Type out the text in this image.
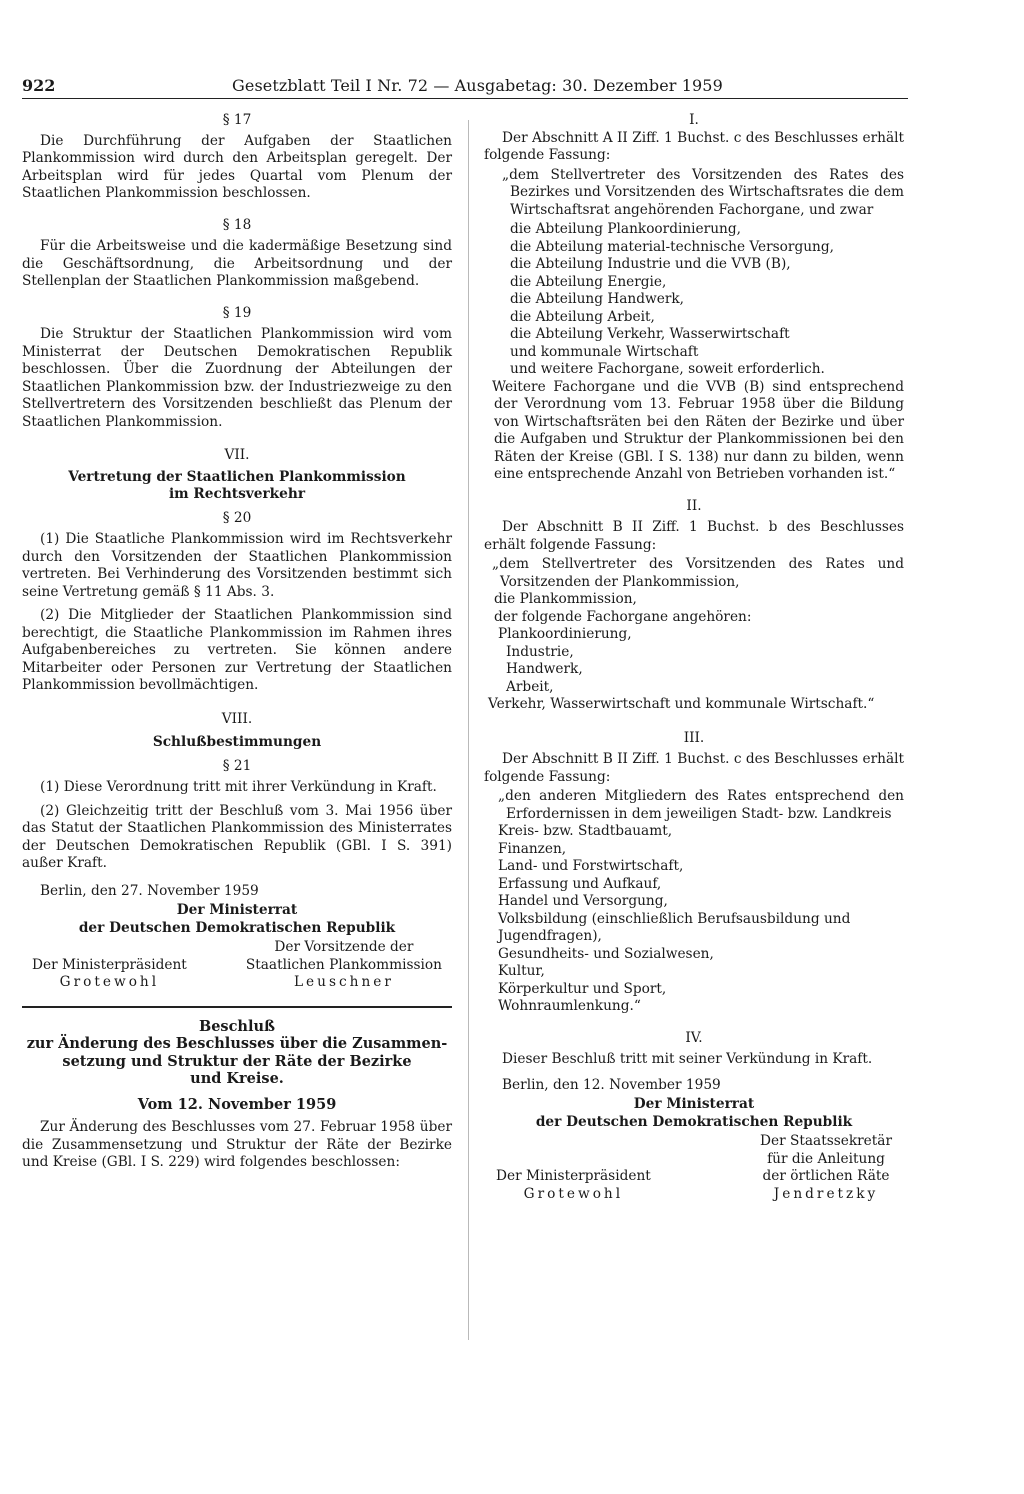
922	Gesetzblatt Teil I Nr. 72 — Ausgabetag: 30. Dezember 1959

§ 17

Die Durchführung der Aufgaben der Staatlichen Plankommission wird durch den Arbeitsplan geregelt. Der Arbeitsplan wird für jedes Quartal vom Plenum der Staatlichen Plankommission beschlossen.

§ 18

Für die Arbeitsweise und die kadermäßige Besetzung sind die Geschäftsordnung, die Arbeitsordnung und der Stellenplan der Staatlichen Plankommission maßgebend.

§ 19

Die Struktur der Staatlichen Plankommission wird vom Ministerrat der Deutschen Demokratischen Republik beschlossen. Über die Zuordnung der Abteilungen der Staatlichen Plankommission bzw. der Industriezweige zu den Stellvertretern des Vorsitzenden beschließt das Plenum der Staatlichen Plankommission.

VII.

Vertretung der Staatlichen Plankommission

im Rechtsverkehr

§ 20

(1) Die Staatliche Plankommission wird im Rechtsverkehr durch den Vorsitzenden der Staatlichen Plankommission vertreten. Bei Verhinderung des Vorsitzenden bestimmt sich seine Vertretung gemäß § 11 Abs. 3.

(2) Die Mitglieder der Staatlichen Plankommission sind berechtigt, die Staatliche Plankommission im Rahmen ihres Aufgabenbereiches zu vertreten. Sie können andere Mitarbeiter oder Personen zur Vertretung der Staatlichen Plankommission bevollmächtigen.

VIII.

Schlußbestimmungen

§ 21

(1) Diese Verordnung tritt mit ihrer Verkündung in Kraft.

(2) Gleichzeitig tritt der Beschluß vom 3. Mai 1956 über das Statut der Staatlichen Plankommission des Ministerrates der Deutschen Demokratischen Republik (GBl. I S. 391) außer Kraft.

Berlin, den 27. November 1959

Der Ministerrat

der Deutschen Demokratischen Republik

Der Ministerpräsident

Grotewohl

Der Vorsitzende der

Staatlichen Plankommission

Leuschner

Beschluß

zur Änderung des Beschlusses über die Zusammen-

setzung und Struktur der Räte der Bezirke

und Kreise.

Vom 12. November 1959

Zur Änderung des Beschlusses vom 27. Februar 1958 über die Zusammensetzung und Struktur der Räte der Bezirke und Kreise (GBl. I S. 229) wird folgendes beschlossen:

I.

Der Abschnitt A II Ziff. 1 Buchst. c des Beschlusses erhält folgende Fassung:

„dem Stellvertreter des Vorsitzenden des Rates des Bezirkes und Vorsitzenden des Wirtschaftsrates die dem Wirtschaftsrat angehörenden Fachorgane, und zwar

die Abteilung Plankoordinierung,
die Abteilung material-technische Versorgung,
die Abteilung Industrie und die VVB (B),
die Abteilung Energie,
die Abteilung Handwerk,
die Abteilung Arbeit,
die Abteilung Verkehr, Wasserwirtschaft
und kommunale Wirtschaft
und weitere Fachorgane, soweit erforderlich.

Weitere Fachorgane und die VVB (B) sind entsprechend der Verordnung vom 13. Februar 1958 über die Bildung von Wirtschaftsräten bei den Räten der Bezirke und über die Aufgaben und Struktur der Plankommissionen bei den Räten der Kreise (GBl. I S. 138) nur dann zu bilden, wenn eine entsprechende Anzahl von Betrieben vorhanden ist.“

II.

Der Abschnitt B II Ziff. 1 Buchst. b des Beschlusses erhält folgende Fassung:

„dem Stellvertreter des Vorsitzenden des Rates und Vorsitzenden der Plankommission,

die Plankommission,

der folgende Fachorgane angehören:

Plankoordinierung,
Industrie,
Handwerk,
Arbeit,

Verkehr, Wasserwirtschaft und kommunale Wirtschaft.“

III.

Der Abschnitt B II Ziff. 1 Buchst. c des Beschlusses erhält folgende Fassung:

„den anderen Mitgliedern des Rates entsprechend den Erfordernissen in dem jeweiligen Stadt- bzw. Landkreis

Kreis- bzw. Stadtbauamt,
Finanzen,
Land- und Forstwirtschaft,
Erfassung und Aufkauf,
Handel und Versorgung,
Volksbildung (einschließlich Berufsausbildung und Jugendfragen),
Gesundheits- und Sozialwesen,
Kultur,
Körperkultur und Sport,
Wohnraumlenkung.“

IV.

Dieser Beschluß tritt mit seiner Verkündung in Kraft.

Berlin, den 12. November 1959

Der Ministerrat

der Deutschen Demokratischen Republik

Der Ministerpräsident

Grotewohl

Der Staatssekretär

für die Anleitung

der örtlichen Räte

Jendretzky
